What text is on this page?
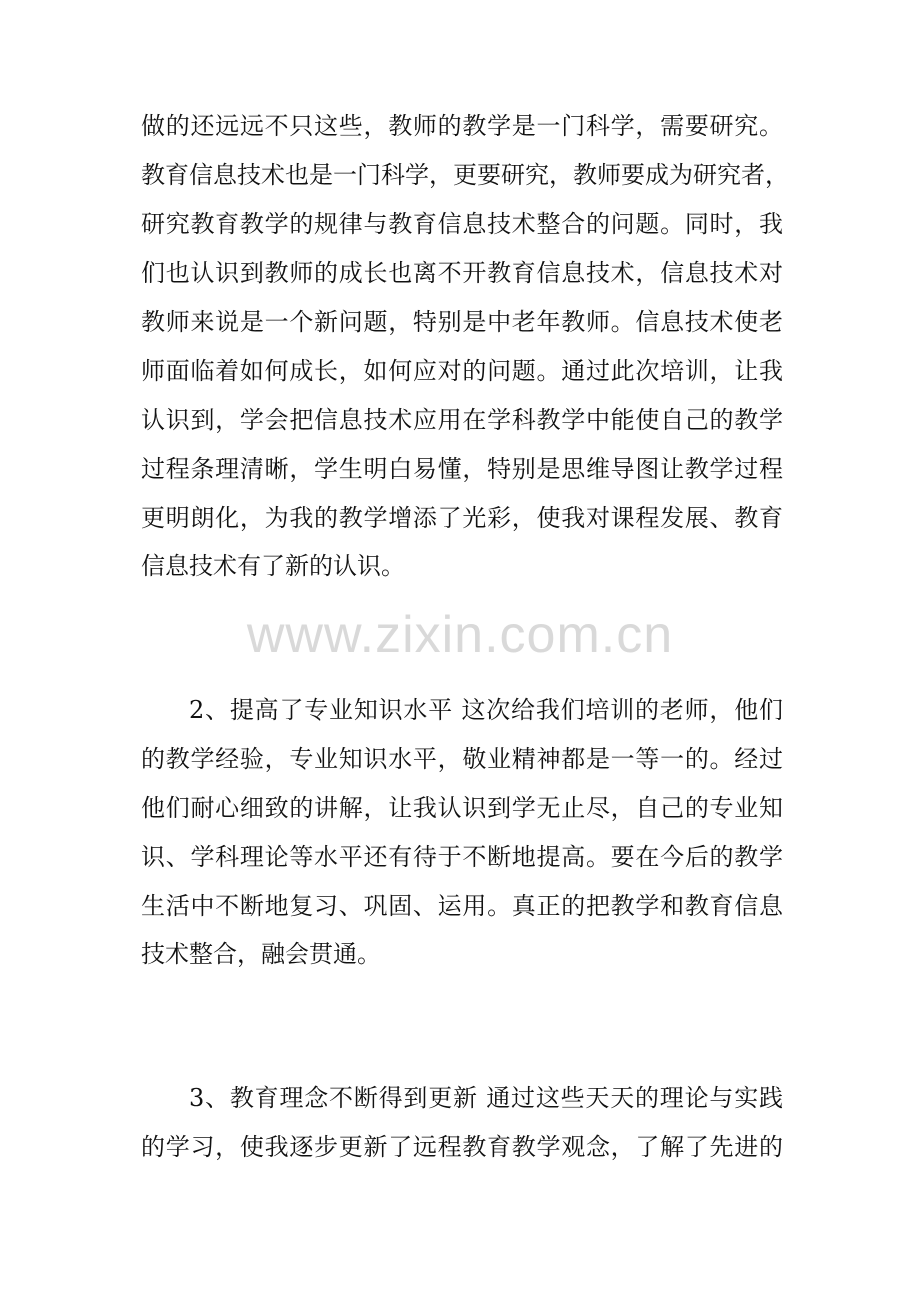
做的还远远不只这些，教师的教学是一门科学，需要研究。
教育信息技术也是一门科学，更要研究，教师要成为研究者，
研究教育教学的规律与教育信息技术整合的问题。同时，我
们也认识到教师的成长也离不开教育信息技术，信息技术对
教师来说是一个新问题，特别是中老年教师。信息技术使老
师面临着如何成长，如何应对的问题。通过此次培训，让我
认识到，学会把信息技术应用在学科教学中能使自己的教学
过程条理清晰，学生明白易懂，特别是思维导图让教学过程
更明朗化，为我的教学增添了光彩，使我对课程发展、教育
信息技术有了新的认识。
www.zixin.com.cn
2、提高了专业知识水平 这次给我们培训的老师，他们
的教学经验，专业知识水平，敬业精神都是一等一的。经过
他们耐心细致的讲解，让我认识到学无止尽，自己的专业知
识、学科理论等水平还有待于不断地提高。要在今后的教学
生活中不断地复习、巩固、运用。真正的把教学和教育信息
技术整合，融会贯通。
3、教育理念不断得到更新 通过这些天天的理论与实践
的学习，使我逐步更新了远程教育教学观念，了解了先进的
